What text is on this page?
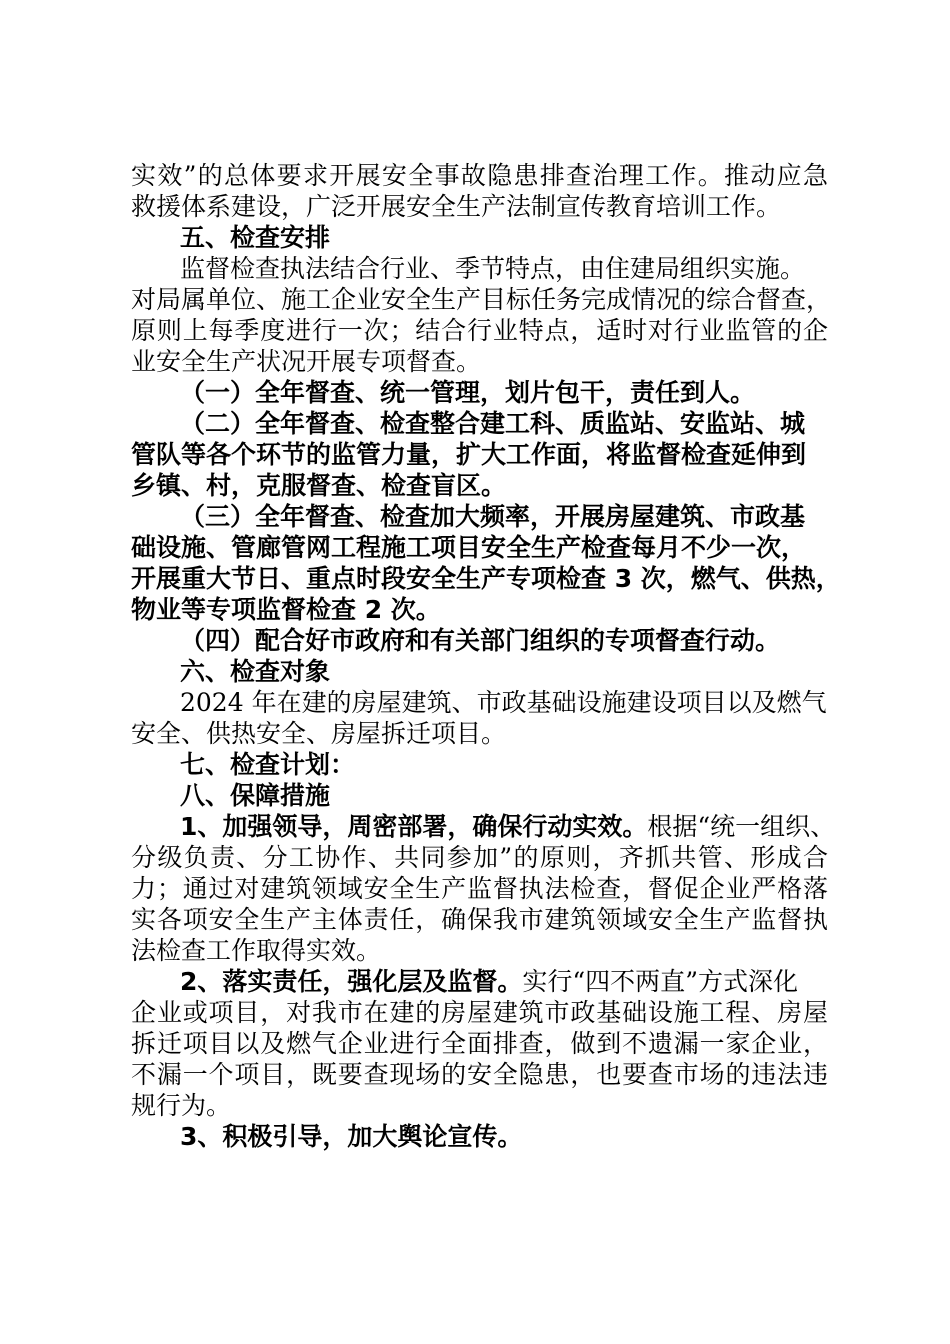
实效”的总体要求开展安全事故隐患排查治理工作。推动应急

救援体系建设，广泛开展安全生产法制宣传教育培训工作。

五、检查安排

监督检查执法结合行业、季节特点，由住建局组织实施。

对局属单位、施工企业安全生产目标任务完成情况的综合督查，

原则上每季度进行一次；结合行业特点，适时对行业监管的企

业安全生产状况开展专项督查。

（一）全年督查、统一管理，划片包干，责任到人。

（二）全年督查、检查整合建工科、质监站、安监站、城

管队等各个环节的监管力量，扩大工作面，将监督检查延伸到

乡镇、村，克服督查、检查盲区。

（三）全年督查、检查加大频率，开展房屋建筑、市政基

础设施、管廊管网工程施工项目安全生产检查每月不少一次，

开展重大节日、重点时段安全生产专项检查 3 次，燃气、供热，

物业等专项监督检查 2 次。

（四）配合好市政府和有关部门组织的专项督查行动。

六、检查对象

2024 年在建的房屋建筑、市政基础设施建设项目以及燃气

安全、供热安全、房屋拆迁项目。

七、检查计划：

八、保障措施

1、加强领导，周密部署，确保行动实效。根据“统一组织、

分级负责、分工协作、共同参加”的原则，齐抓共管、形成合

力；通过对建筑领域安全生产监督执法检查，督促企业严格落

实各项安全生产主体责任，确保我市建筑领域安全生产监督执

法检查工作取得实效。

2、落实责任，强化层及监督。实行“四不两直”方式深化

企业或项目，对我市在建的房屋建筑市政基础设施工程、房屋

拆迁项目以及燃气企业进行全面排查，做到不遗漏一家企业，

不漏一个项目，既要查现场的安全隐患，也要查市场的违法违

规行为。

3、积极引导，加大舆论宣传。
